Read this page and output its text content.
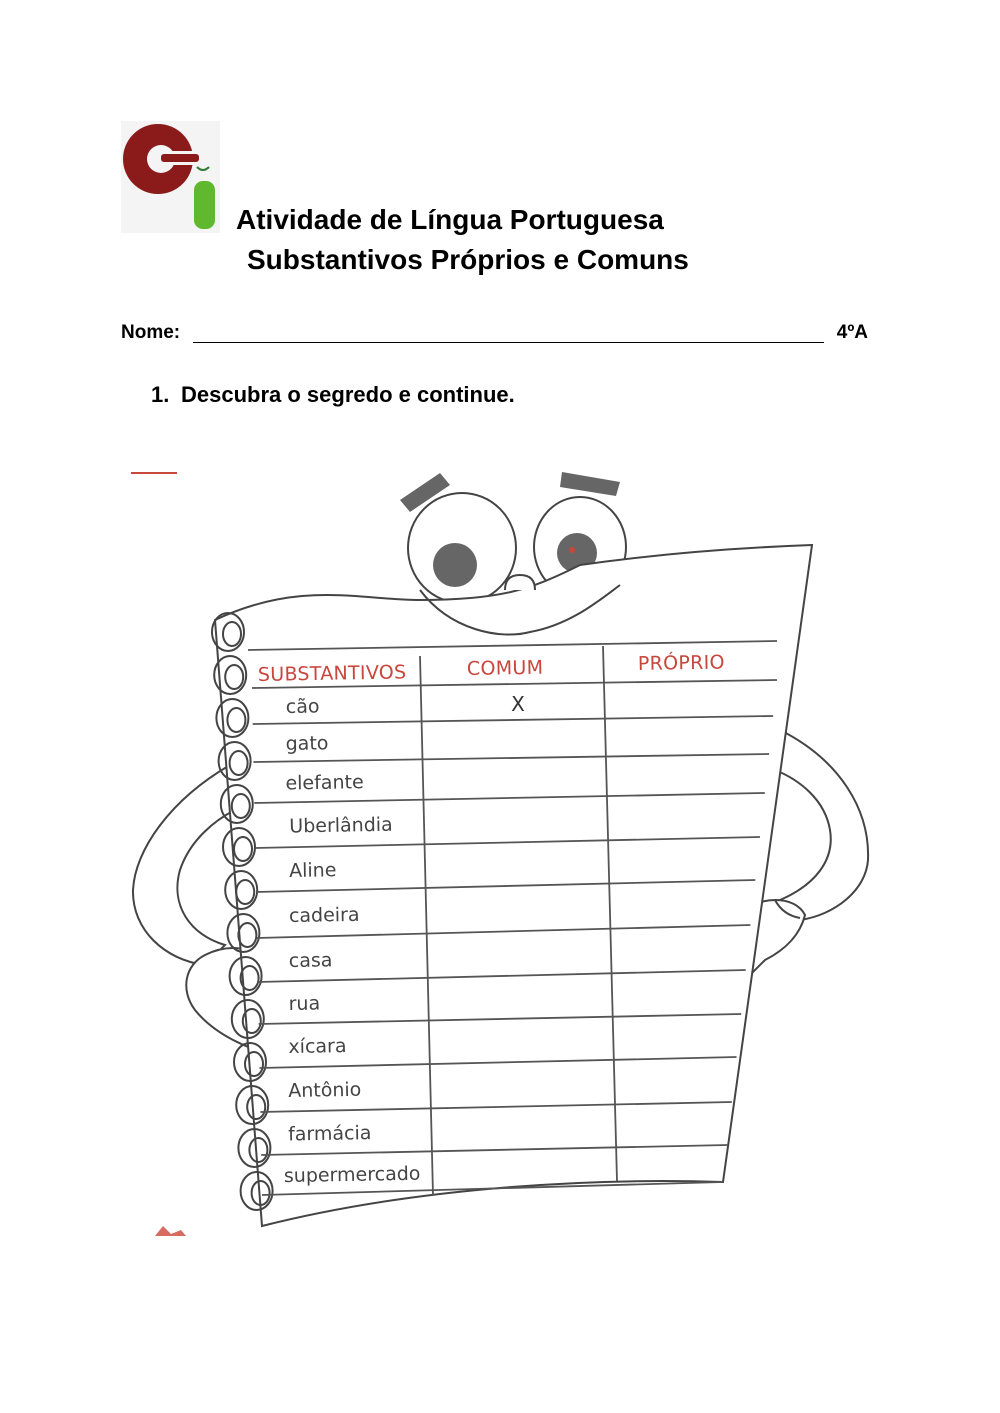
Atividade de Língua Portuguesa
Substantivos Próprios e Comuns
Nome:	4ºA
1. Descubra o segredo e continue.
SUBSTANTIVOS	COMUM	PRÓPRIO
cão	X
gato
elefante
Uberlândia
Aline
cadeira
casa
rua
xícara
Antônio
farmácia
supermercado
